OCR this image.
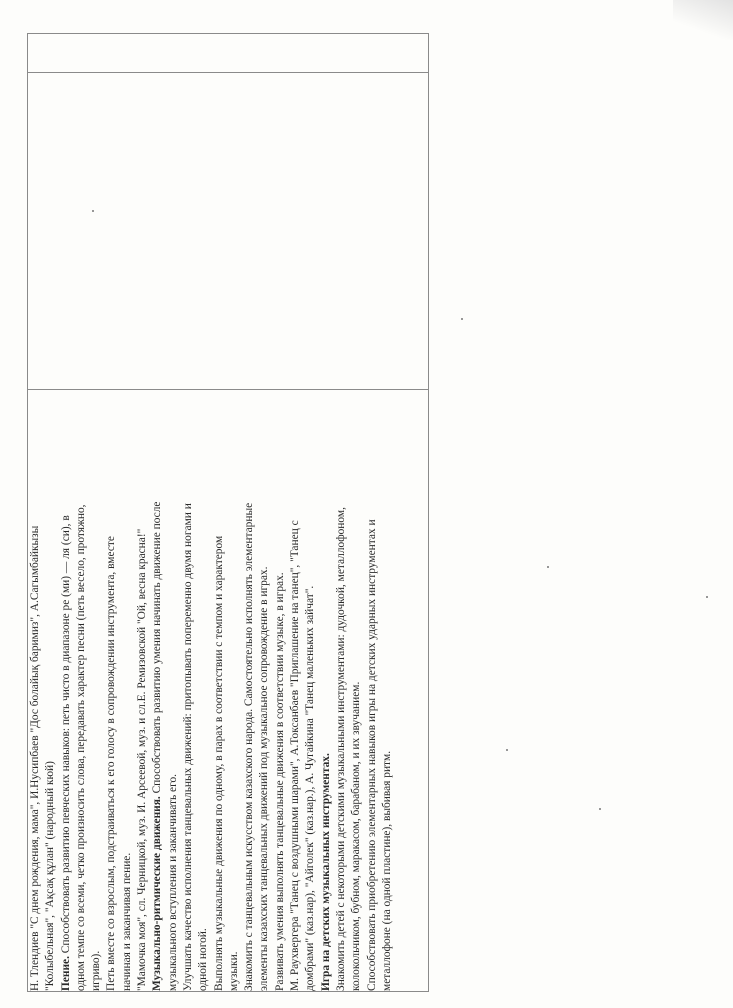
Н. Тлендиев "С днем рождения, мама", И.Нусипбаев "Дос болайық баримиз", А.Сагымбайкызы "Колыбельная", "Ақсақ құлан" (народный кюй) Пение. Способствовать развитию певческих навыков: петь чисто в диапазоне ре (ми) — ля (си), в одном темпе со всеми, четко произносить слова, передавать характер песни (петь весело, протяжно, игриво). Петь вместе со взрослым, подстраиваться к его голосу в сопровождении инструмента, вместе начиная и заканчивая пение. "Мамочка моя", сл. Черницкой, муз. И. Арсеевой, муз. и сл.Е. Ремизовской "Ой, весна красна!" Музыкально-ритмические движения. Способствовать развитию умения начинать движение после

музыкального вступления и заканчивать его. Улучшать качество исполнения танцевальных движений: притопывать попеременно двумя ногами и одной ногой. Выполнять музыкальные движения по одному, в парах в соответствии с темпом и характером музыки. Знакомить с танцевальным искусством казахского народа. Самостоятельно исполнять элементарные элементы казахских танцевальных движений под музыкальное сопровождение в играх. Развивать умения выполнять танцевальные движения в соответствии музыке, в играх. М. Раухвергера "Танец с воздушными шарами", А.Токсанбаев "Приглашение на танец", "Танец с домбрами" (каз.нар), "Айголек" (каз.нар.), А. Чугайкина "Танец маленьких зайчат". Игра на детских музыкальных инструментах. Знакомить детей с некоторыми детскими музыкальными инструментами: дудочкой, металлофоном, колокольчиком, бубном, маракасом, барабаном, и их звучанием. Способствовать приобретению элементарных навыков игры на детских ударных инструментах и металлофоне (на одной пластине), выбивая ритм.
